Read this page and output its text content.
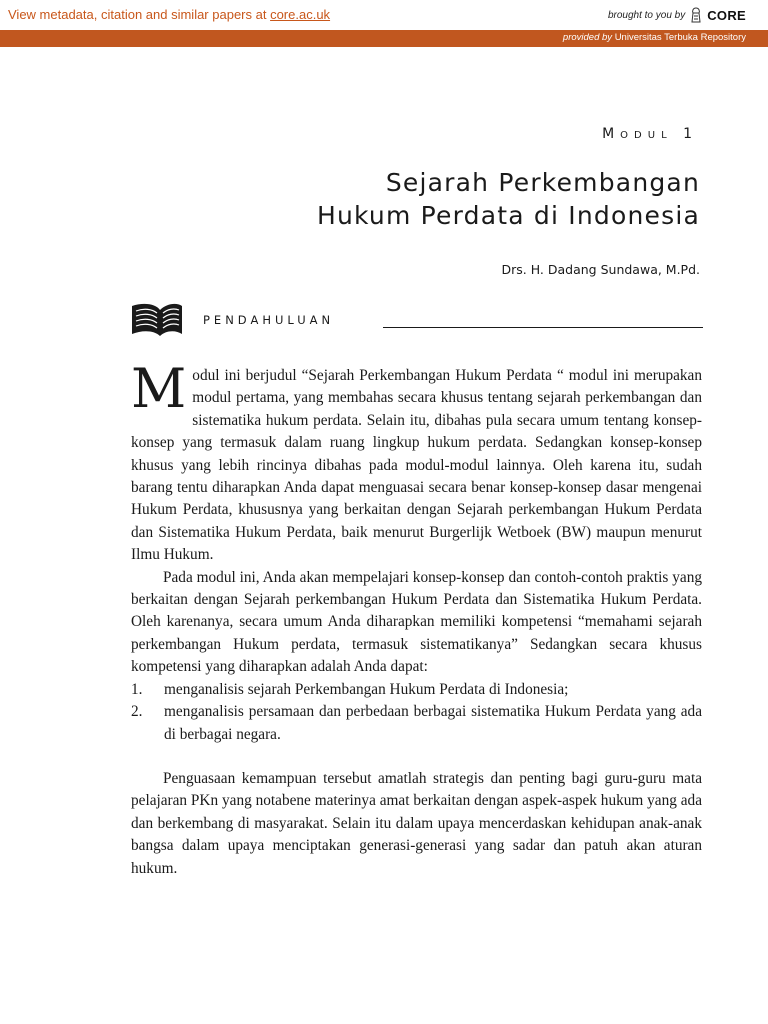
View metadata, citation and similar papers at core.ac.uk	brought to you by CORE
provided by Universitas Terbuka Repository
Modul 1
Sejarah Perkembangan
Hukum Perdata di Indonesia
Drs. H. Dadang Sundawa, M.Pd.
PENDAHULUAN

Modul ini berjudul “Sejarah Perkembangan Hukum Perdata “ modul ini merupakan modul pertama, yang membahas secara khusus tentang sejarah perkembangan dan sistematika hukum perdata. Selain itu, dibahas pula secara umum tentang konsep-konsep yang termasuk dalam ruang lingkup hukum perdata. Sedangkan konsep-konsep khusus yang lebih rincinya dibahas pada modul-modul lainnya. Oleh karena itu, sudah barang tentu diharapkan Anda dapat menguasai secara benar konsep-konsep dasar mengenai Hukum Perdata, khususnya yang berkaitan dengan Sejarah perkembangan Hukum Perdata dan Sistematika Hukum Perdata, baik menurut Burgerlijk Wetboek (BW) maupun menurut Ilmu Hukum.

Pada modul ini, Anda akan mempelajari konsep-konsep dan contoh-contoh praktis yang berkaitan dengan Sejarah perkembangan Hukum Perdata dan Sistematika Hukum Perdata. Oleh karenanya, secara umum Anda diharapkan memiliki kompetensi “memahami sejarah perkembangan Hukum perdata, termasuk sistematikanya” Sedangkan secara khusus kompetensi yang diharapkan adalah Anda dapat:

1. menganalisis sejarah Perkembangan Hukum Perdata di Indonesia;
2. menganalisis persamaan dan perbedaan berbagai sistematika Hukum Perdata yang ada di berbagai negara.

Penguasaan kemampuan tersebut amatlah strategis dan penting bagi guru-guru mata pelajaran PKn yang notabene materinya amat berkaitan dengan aspek-aspek hukum yang ada dan berkembang di masyarakat. Selain itu dalam upaya mencerdaskan kehidupan anak-anak bangsa dalam upaya menciptakan generasi-generasi yang sadar dan patuh akan aturan hukum.
